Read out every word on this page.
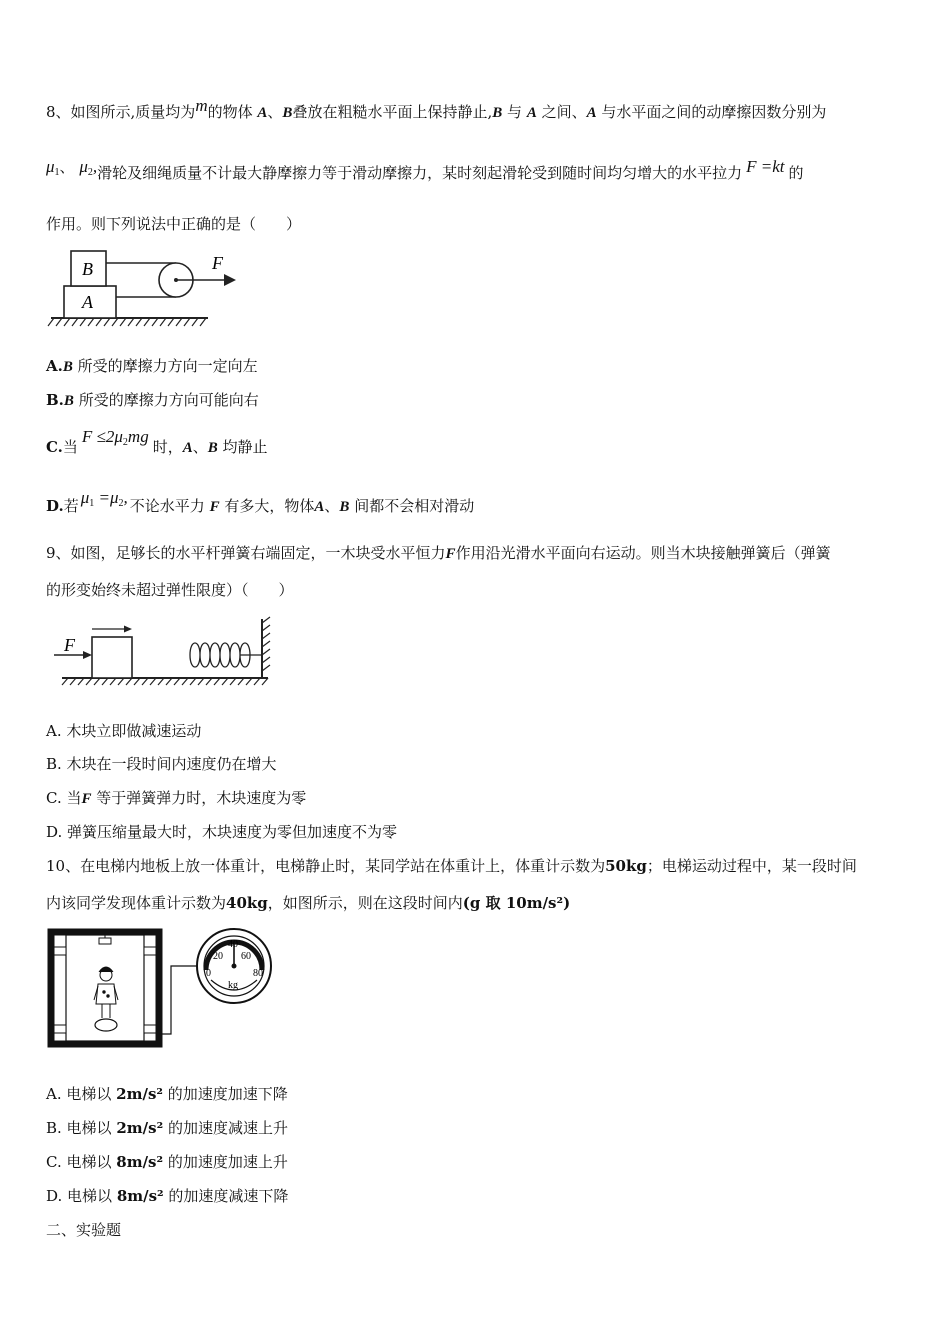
8、如图所示,质量均为m的物体 A、B叠放在粗糙水平面上保持静止,B 与 A 之间、A 与水平面之间的动摩擦因数分别为
$\mu_1$、 $\mu_2$,滑轮及细绳质量不计最大静摩擦力等于滑动摩擦力，某时刻起滑轮受到随时间均匀增大的水平拉力 F =kt 的
作用。则下列说法中正确的是（　　）
B
A
F
A.B 所受的摩擦力方向一定向左
B.B 所受的摩擦力方向可能向右
C.当$F \le 2\mu_2mg$时，A、B 均静止
D.若 $\mu_1 =\mu_2$, 不论水平力 F 有多大，物体A、B 间都不会相对滑动
9、如图，足够长的水平杆弹簧右端固定，一木块受水平恒力F作用沿光滑水平面向右运动。则当木块接触弹簧后（弹簧
的形变始终未超过弹性限度）（　　）
F
A. 木块立即做减速运动
B. 木块在一段时间内速度仍在增大
C. 当F 等于弹簧弹力时，木块速度为零
D. 弹簧压缩量最大时，木块速度为零但加速度不为零
10、在电梯内地板上放一体重计，电梯静止时，某同学站在体重计上，体重计示数为50kg；电梯运动过程中，某一段时间
内该同学发现体重计示数为40kg，如图所示，则在这段时间内(g 取 10m/s²)
0
20
40
60
80
kg
A. 电梯以 2m/s² 的加速度加速下降
B. 电梯以 2m/s² 的加速度减速上升
C. 电梯以 8m/s² 的加速度加速上升
D. 电梯以 8m/s² 的加速度减速下降
二、实验题
